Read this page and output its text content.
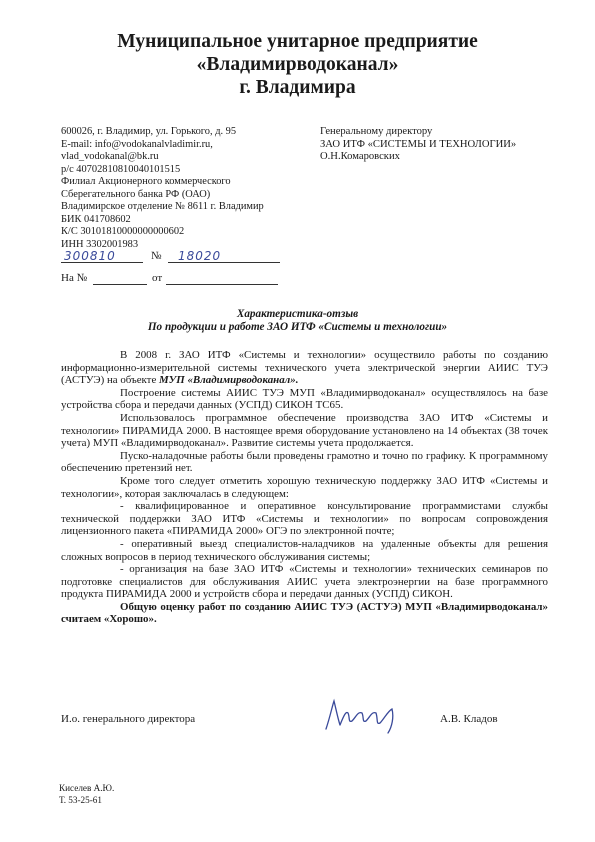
Муниципальное унитарное предприятие
«Владимирводоканал»
г. Владимира
600026, г. Владимир, ул. Горького, д. 95
E-mail: info@vodokanalvladimir.ru,
vlad_vodokanal@bk.ru
р/с 40702810810040101515
Филиал Акционерного коммерческого
Сберегательного банка РФ (ОАО)
Владимирское отделение № 8611 г. Владимир
БИК 041708602
К/С 30101810000000000602
ИНН 3302001983
Генеральному директору
ЗАО ИТФ «СИСТЕМЫ И ТЕХНОЛОГИИ»
О.Н.Комаровских
300810	№ 18020
На №	от
Характеристика-отзыв
По продукции и работе ЗАО ИТФ «Системы и технологии»

В 2008 г. ЗАО ИТФ «Системы и технологии» осуществило работы по созданию информационно-измерительной системы технического учета электрической энергии АИИС ТУЭ (АСТУЭ) на объекте МУП «Владимирводоканал».

Построение системы АИИС ТУЭ МУП «Владимирводоканал» осуществлялось на базе устройства сбора и передачи данных (УСПД) СИКОН ТС65.

Использовалось программное обеспечение производства ЗАО ИТФ «Системы и технологии» ПИРАМИДА 2000. В настоящее время оборудование установлено на 14 объектах (38 точек учета) МУП «Владимирводоканал». Развитие системы учета продолжается.

Пуско-наладочные работы были проведены грамотно и точно по графику. К программному обеспечению претензий нет.

Кроме того следует отметить хорошую техническую поддержку ЗАО ИТФ «Системы и технологии», которая заключалась в следующем:

- квалифицированное и оперативное консультирование программистами службы технической поддержки ЗАО ИТФ «Системы и технологии» по вопросам сопровождения лицензионного пакета «ПИРАМИДА 2000» ОГЭ по электронной почте;

- оперативный выезд специалистов-наладчиков на удаленные объекты для решения сложных вопросов в период технического обслуживания системы;

- организация на базе ЗАО ИТФ «Системы и технологии» технических семинаров по подготовке специалистов для обслуживания АИИС учета электроэнергии на базе программного продукта ПИРАМИДА 2000 и устройств сбора и передачи данных (УСПД) СИКОН.

Общую оценку работ по созданию АИИС ТУЭ (АСТУЭ) МУП «Владимирводоканал» считаем «Хорошо».

И.о. генерального директора	А.В. Кладов
Киселев А.Ю.
Т. 53-25-61
